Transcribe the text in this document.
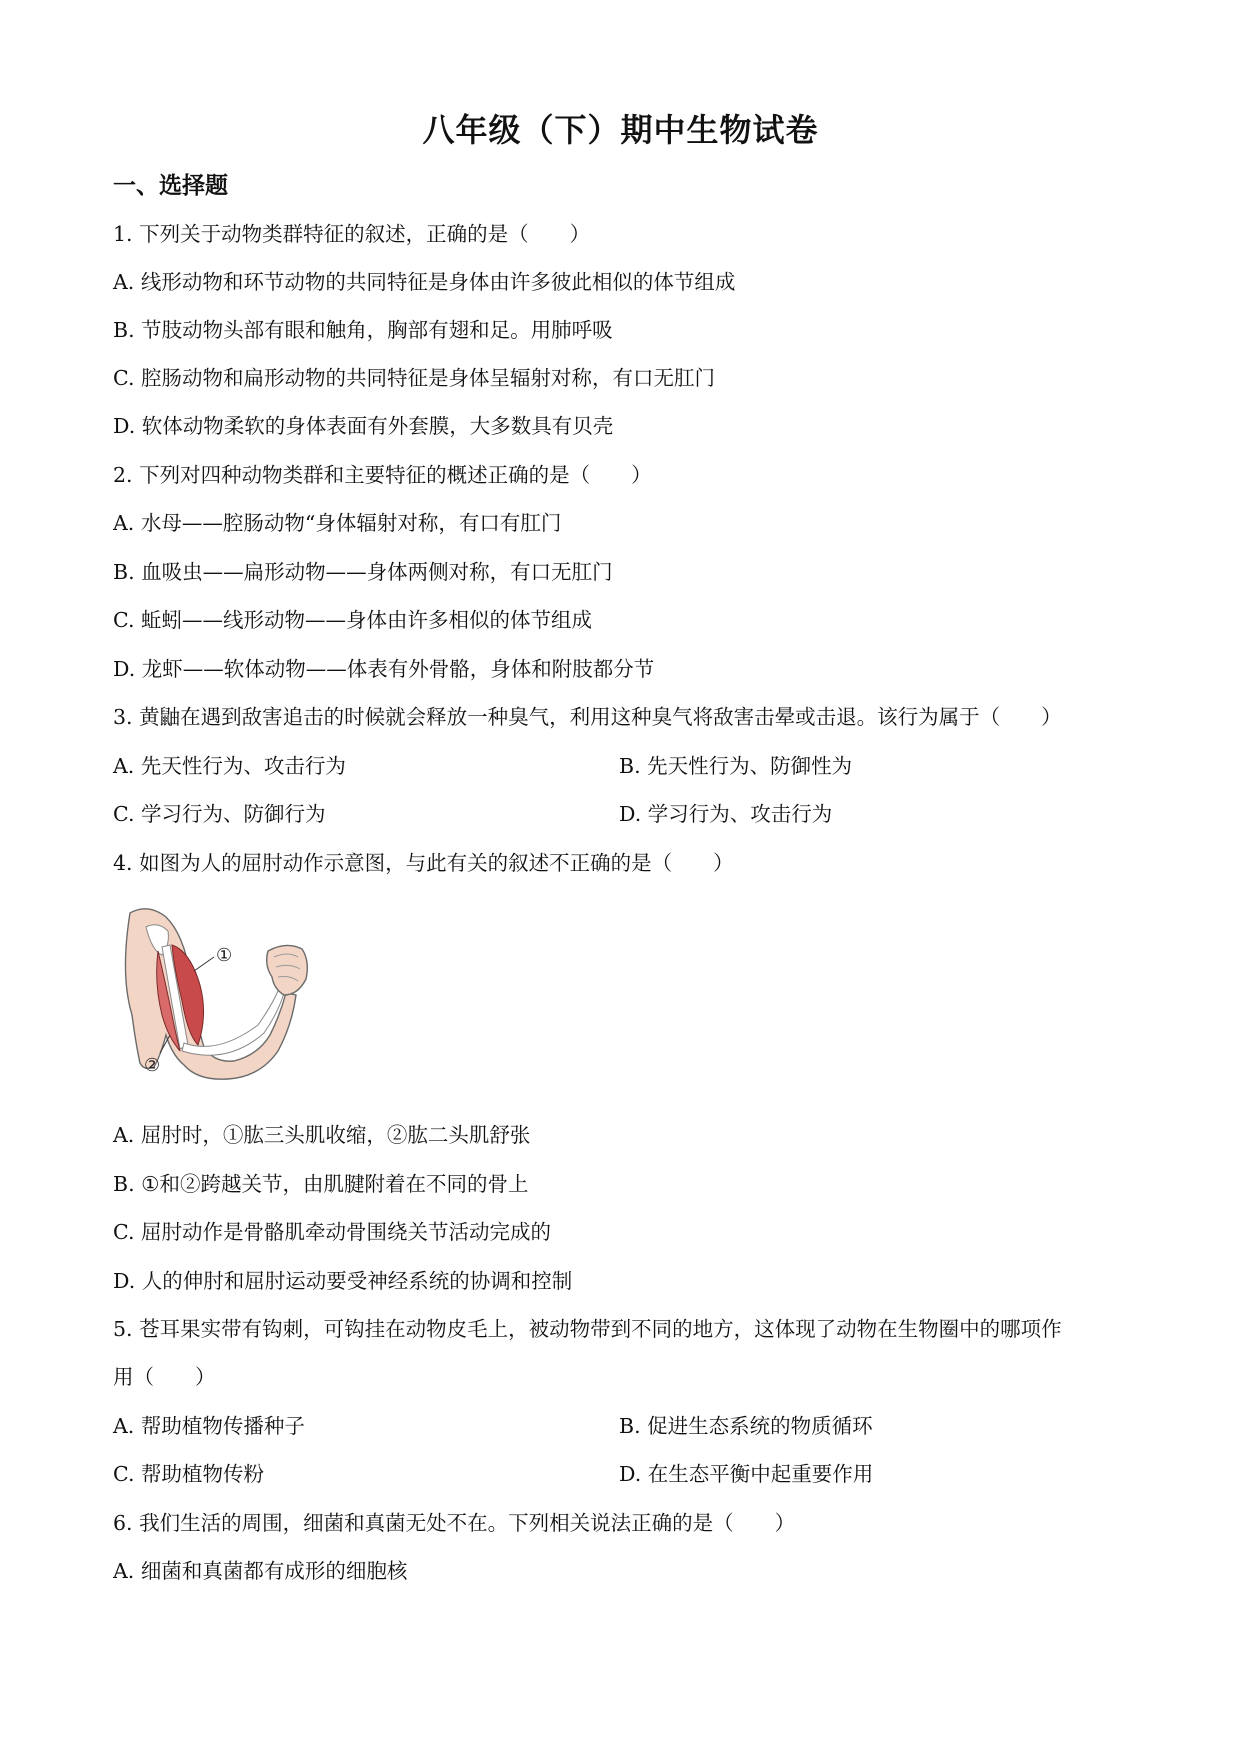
八年级（下）期中生物试卷
一、选择题
1. 下列关于动物类群特征的叙述，正确的是（　　）
A. 线形动物和环节动物的共同特征是身体由许多彼此相似的体节组成
B. 节肢动物头部有眼和触角，胸部有翅和足。用肺呼吸
C. 腔肠动物和扁形动物的共同特征是身体呈辐射对称，有口无肛门
D. 软体动物柔软的身体表面有外套膜，大多数具有贝壳
2. 下列对四种动物类群和主要特征的概述正确的是（　　）
A. 水母——腔肠动物“身体辐射对称，有口有肛门
B. 血吸虫——扁形动物——身体两侧对称，有口无肛门
C. 蚯蚓——线形动物——身体由许多相似的体节组成
D. 龙虾——软体动物——体表有外骨骼，身体和附肢都分节
3. 黄鼬在遇到敌害追击的时候就会释放一种臭气，利用这种臭气将敌害击晕或击退。该行为属于（　　）
A. 先天性行为、攻击行为	B. 先天性行为、防御性为
C. 学习行为、防御行为	D. 学习行为、攻击行为
4. 如图为人的屈肘动作示意图，与此有关的叙述不正确的是（　　）
①
②
A. 屈肘时，①肱三头肌收缩，②肱二头肌舒张
B. ①和②跨越关节，由肌腱附着在不同的骨上
C. 屈肘动作是骨骼肌牵动骨围绕关节活动完成的
D. 人的伸肘和屈肘运动要受神经系统的协调和控制
5. 苍耳果实带有钩刺，可钩挂在动物皮毛上，被动物带到不同的地方，这体现了动物在生物圈中的哪项作
用（　　）
A. 帮助植物传播种子	B. 促进生态系统的物质循环
C. 帮助植物传粉	D. 在生态平衡中起重要作用
6. 我们生活的周围，细菌和真菌无处不在。下列相关说法正确的是（　　）
A. 细菌和真菌都有成形的细胞核
